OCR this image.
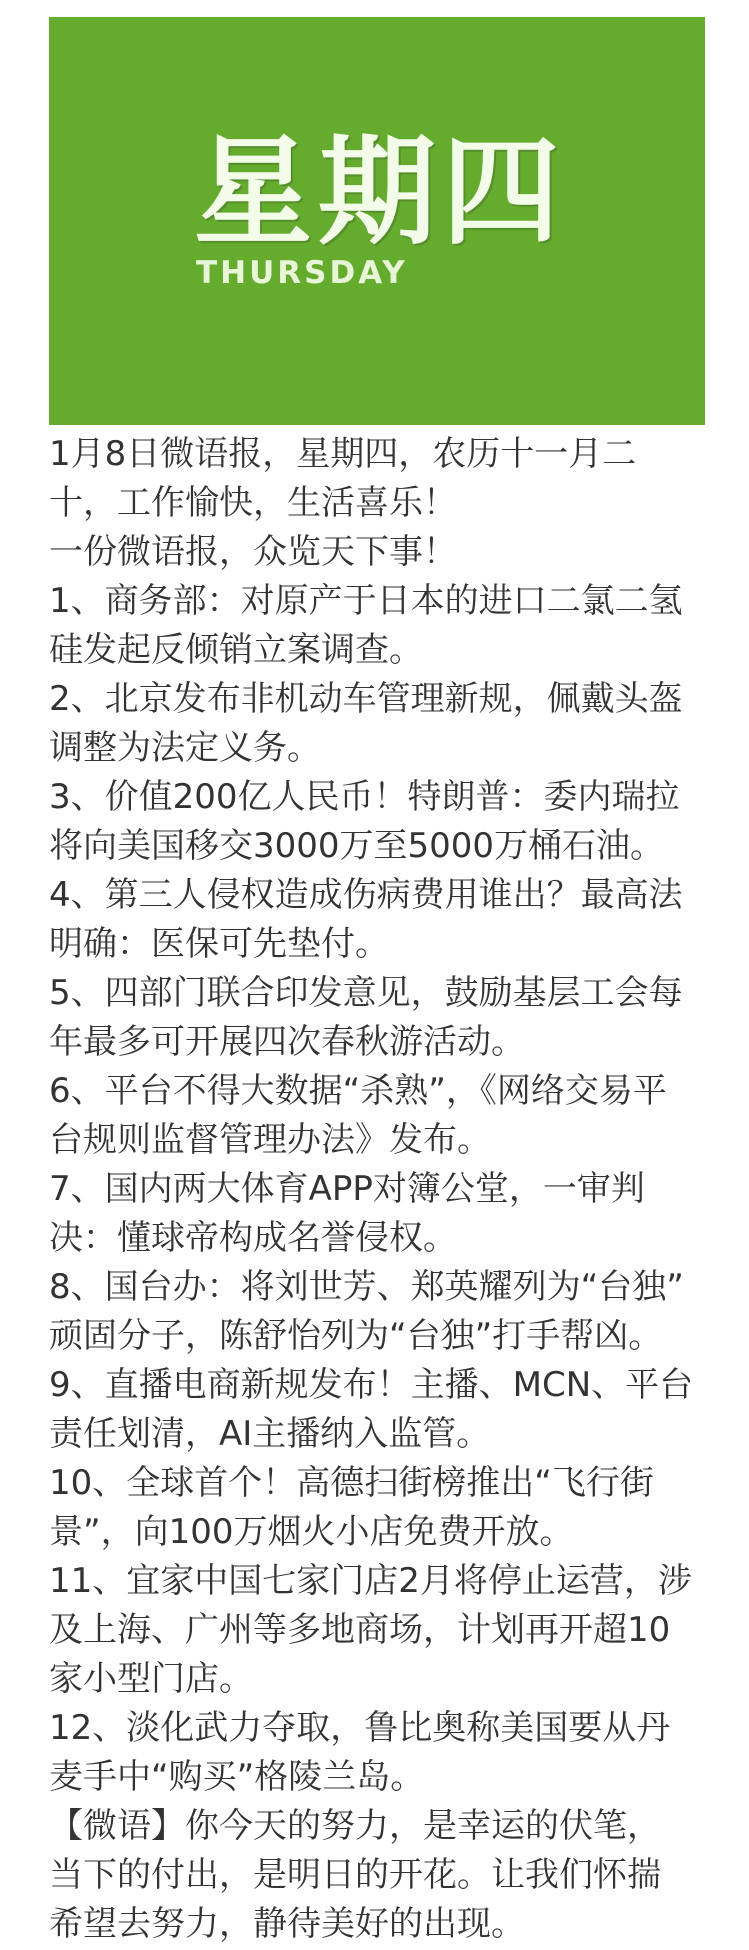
星期四
THURSDAY
1月8日微语报，星期四，农历十一月二
十，工作愉快，生活喜乐！
一份微语报，众览天下事！
1、商务部：对原产于日本的进口二氯二氢
硅发起反倾销立案调查。
2、北京发布非机动车管理新规，佩戴头盔
调整为法定义务。
3、价值200亿人民币！特朗普：委内瑞拉
将向美国移交3000万至5000万桶石油。
4、第三人侵权造成伤病费用谁出？最高法
明确：医保可先垫付。
5、四部门联合印发意见，鼓励基层工会每
年最多可开展四次春秋游活动。
6、平台不得大数据“杀熟”，《网络交易平
台规则监督管理办法》发布。
7、国内两大体育APP对簿公堂，一审判
决：懂球帝构成名誉侵权。
8、国台办：将刘世芳、郑英耀列为“台独”
顽固分子，陈舒怡列为“台独”打手帮凶。
9、直播电商新规发布！主播、MCN、平台
责任划清，AI主播纳入监管。
10、全球首个！高德扫街榜推出“飞行街
景”，向100万烟火小店免费开放。
11、宜家中国七家门店2月将停止运营，涉
及上海、广州等多地商场，计划再开超10
家小型门店。
12、淡化武力夺取，鲁比奥称美国要从丹
麦手中“购买”格陵兰岛。
【微语】你今天的努力，是幸运的伏笔，
当下的付出，是明日的开花。让我们怀揣
希望去努力，静待美好的出现。
